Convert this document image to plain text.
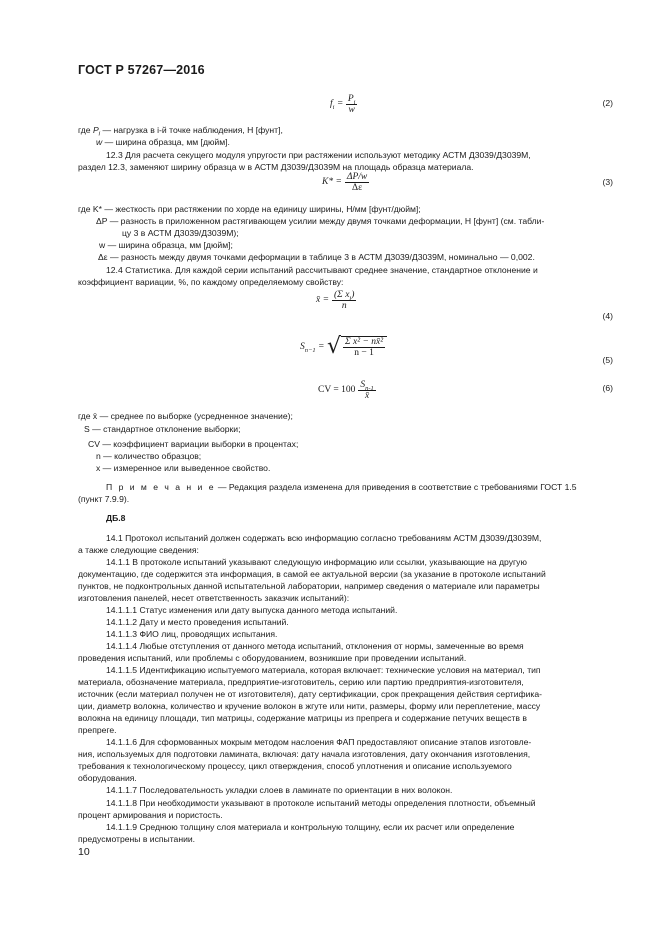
ГОСТ Р 57267—2016
$f_i = \frac{P_i}{w}$	(2)
где $P_i$ — нагрузка в i-й точке наблюдения, Н [фунт],
w — ширина образца, мм [дюйм].
12.3 Для расчета секущего модуля упругости при растяжении используют методику АСТМ Д3039/Д3039М,
раздел 12.3, заменяют ширину образца w в АСТМ Д3039/Д3039М на площадь образца материала.
$K* = \frac{\Delta P/w}{\Delta\varepsilon}$	(3)
где K* — жесткость при растяжении по хорде на единицу ширины, Н/мм [фунт/дюйм];
ΔP — разность в приложенном растягивающем усилии между двумя точками деформации, Н [фунт] (см. табли-
цу 3 в АСТМ Д3039/Д3039М);
w — ширина образца, мм [дюйм];
Δε — разность между двумя точками деформации в таблице 3 в АСТМ Д3039/Д3039М, номинально — 0,002.
12.4 Статистика. Для каждой серии испытаний рассчитывают среднее значение, стандартное отклонение и
коэффициент вариации, %, по каждому определяемому свойству:
x̄ = $\frac{(\Sigma x_i)}{n}$
(4)
$S_{n-1}$ = √ $\frac{\text{Σ x² − nx̄²}}{n - 1}$
(5)
CV = $100 \frac{S_{n-1}}{x̄}$	(6)
где x̄ — среднее по выборке (усредненное значение);
S — стандартное отклонение выборки;
CV — коэффициент вариации выборки в процентах;
n — количество образцов;
x — измеренное или выведенное свойство.
П р и м е ч а н и е — Редакция раздела изменена для приведения в соответствие с требованиями ГОСТ 1.5
(пункт 7.9.9).
ДБ.8
14.1 Протокол испытаний должен содержать всю информацию согласно требованиям АСТМ Д3039/Д3039М,
а также следующие сведения:
14.1.1 В протоколе испытаний указывают следующую информацию или ссылки, указывающие на другую
документацию, где содержится эта информация, в самой ее актуальной версии (за указание в протоколе испытаний
пунктов, не подконтрольных данной испытательной лаборатории, например сведения о материале или параметры
изготовления панелей, несет ответственность заказчик испытаний):
14.1.1.1 Статус изменения или дату выпуска данного метода испытаний.
14.1.1.2 Дату и место проведения испытаний.
14.1.1.3 ФИО лиц, проводящих испытания.
14.1.1.4 Любые отступления от данного метода испытаний, отклонения от нормы, замеченные во время
проведения испытаний, или проблемы с оборудованием, возникшие при проведении испытаний.
14.1.1.5 Идентификацию испытуемого материала, которая включает: технические условия на материал, тип
материала, обозначение материала, предприятие-изготовитель, серию или партию предприятия-изготовителя,
источник (если материал получен не от изготовителя), дату сертификации, срок прекращения действия сертифика-
ции, диаметр волокна, количество и кручение волокон в жгуте или нити, размеры, форму или переплетение, массу
волокна на единицу площади, тип матрицы, содержание матрицы из препрега и содержание петучих веществ в
препреге.
14.1.1.6 Для сформованных мокрым методом наслоения ФАП предоставляют описание этапов изготовле-
ния, используемых для подготовки ламината, включая: дату начала изготовления, дату окончания изготовления,
требования к технологическому процессу, цикл отверждения, способ уплотнения и описание используемого
оборудования.
14.1.1.7 Последовательность укладки слоев в ламинате по ориентации в них волокон.
14.1.1.8 При необходимости указывают в протоколе испытаний методы определения плотности, объемный
процент армирования и пористость.
14.1.1.9 Среднюю толщину слоя материала и контрольную толщину, если их расчет или определение
предусмотрены в испытании.
10
